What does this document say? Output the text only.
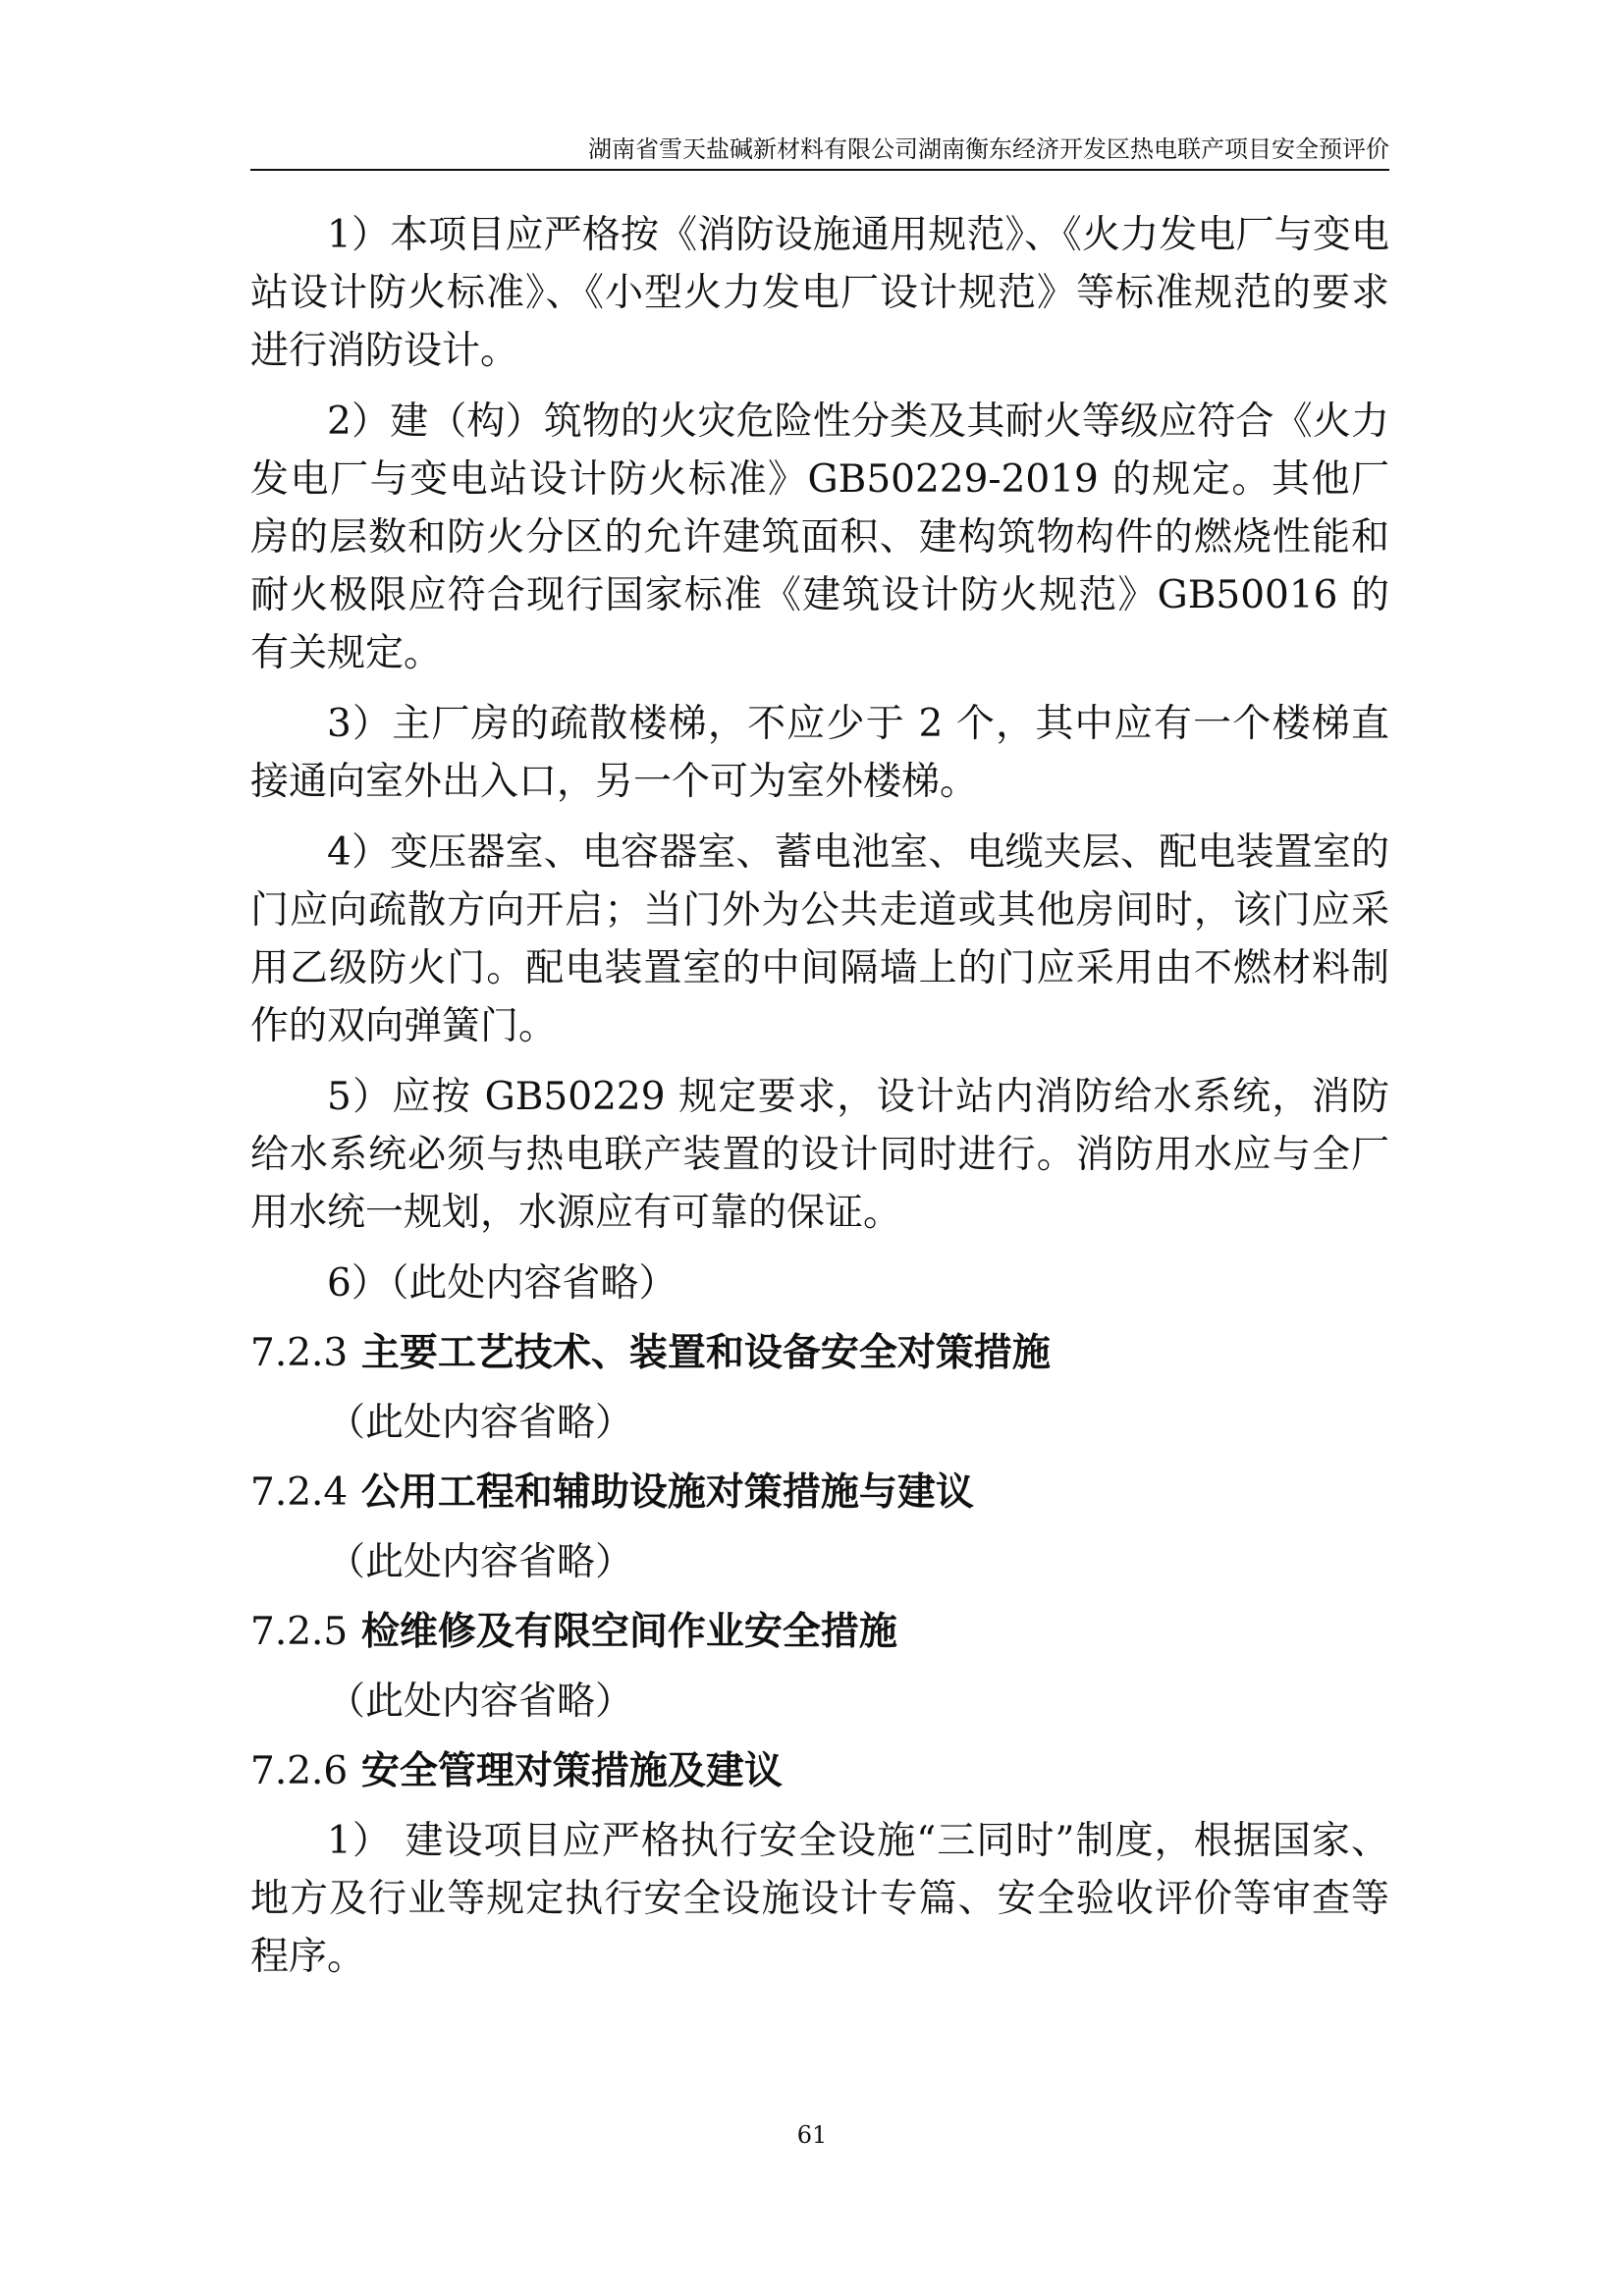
湖南省雪天盐碱新材料有限公司湖南衡东经济开发区热电联产项目安全预评价

1）本项目应严格按《消防设施通用规范》、《火力发电厂与变电站设计防火标准》、《小型火力发电厂设计规范》等标准规范的要求进行消防设计。

2）建（构）筑物的火灾危险性分类及其耐火等级应符合《火力发电厂与变电站设计防火标准》GB50229-2019 的规定。其他厂房的层数和防火分区的允许建筑面积、建构筑物构件的燃烧性能和耐火极限应符合现行国家标准《建筑设计防火规范》GB50016 的有关规定。

3）主厂房的疏散楼梯，不应少于 2 个，其中应有一个楼梯直接通向室外出入口，另一个可为室外楼梯。

4）变压器室、电容器室、蓄电池室、电缆夹层、配电装置室的门应向疏散方向开启；当门外为公共走道或其他房间时，该门应采用乙级防火门。配电装置室的中间隔墙上的门应采用由不燃材料制作的双向弹簧门。

5）应按 GB50229 规定要求，设计站内消防给水系统，消防给水系统必须与热电联产装置的设计同时进行。消防用水应与全厂用水统一规划，水源应有可靠的保证。

6）（此处内容省略）

7.2.3 主要工艺技术、装置和设备安全对策措施

（此处内容省略）

7.2.4 公用工程和辅助设施对策措施与建议

（此处内容省略）

7.2.5 检维修及有限空间作业安全措施

（此处内容省略）

7.2.6 安全管理对策措施及建议

1） 建设项目应严格执行安全设施“三同时”制度，根据国家、地方及行业等规定执行安全设施设计专篇、安全验收评价等审查等程序。

61
